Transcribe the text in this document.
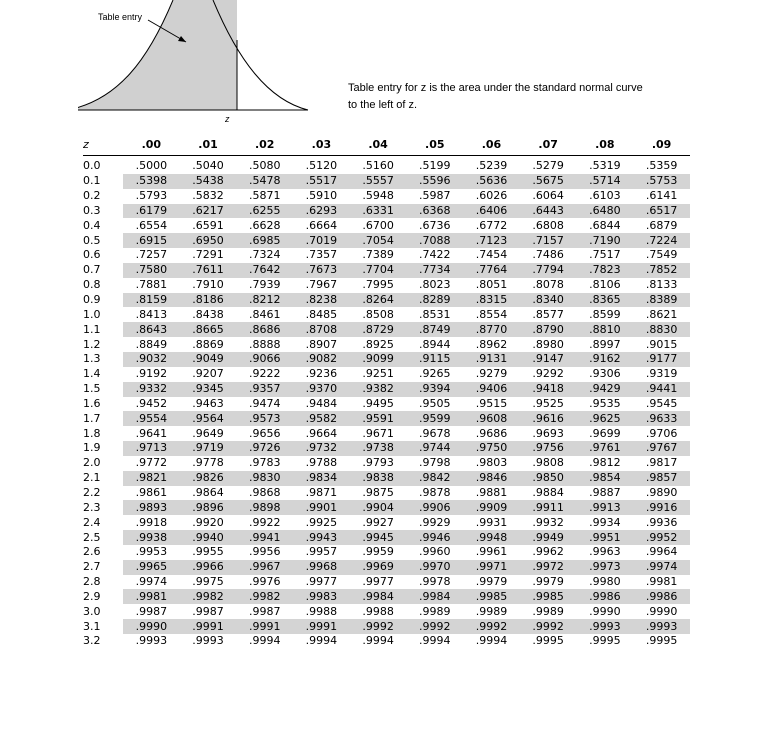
Table entry
z
Table entry for z is the area under the standard normal curve
to the left of z.
z	.00	.01	.02	.03	.04	.05	.06	.07	.08	.09
0.0	.5000	.5040	.5080	.5120	.5160	.5199	.5239	.5279	.5319	.5359
0.1	.5398	.5438	.5478	.5517	.5557	.5596	.5636	.5675	.5714	.5753
0.2	.5793	.5832	.5871	.5910	.5948	.5987	.6026	.6064	.6103	.6141
0.3	.6179	.6217	.6255	.6293	.6331	.6368	.6406	.6443	.6480	.6517
0.4	.6554	.6591	.6628	.6664	.6700	.6736	.6772	.6808	.6844	.6879
0.5	.6915	.6950	.6985	.7019	.7054	.7088	.7123	.7157	.7190	.7224
0.6	.7257	.7291	.7324	.7357	.7389	.7422	.7454	.7486	.7517	.7549
0.7	.7580	.7611	.7642	.7673	.7704	.7734	.7764	.7794	.7823	.7852
0.8	.7881	.7910	.7939	.7967	.7995	.8023	.8051	.8078	.8106	.8133
0.9	.8159	.8186	.8212	.8238	.8264	.8289	.8315	.8340	.8365	.8389
1.0	.8413	.8438	.8461	.8485	.8508	.8531	.8554	.8577	.8599	.8621
1.1	.8643	.8665	.8686	.8708	.8729	.8749	.8770	.8790	.8810	.8830
1.2	.8849	.8869	.8888	.8907	.8925	.8944	.8962	.8980	.8997	.9015
1.3	.9032	.9049	.9066	.9082	.9099	.9115	.9131	.9147	.9162	.9177
1.4	.9192	.9207	.9222	.9236	.9251	.9265	.9279	.9292	.9306	.9319
1.5	.9332	.9345	.9357	.9370	.9382	.9394	.9406	.9418	.9429	.9441
1.6	.9452	.9463	.9474	.9484	.9495	.9505	.9515	.9525	.9535	.9545
1.7	.9554	.9564	.9573	.9582	.9591	.9599	.9608	.9616	.9625	.9633
1.8	.9641	.9649	.9656	.9664	.9671	.9678	.9686	.9693	.9699	.9706
1.9	.9713	.9719	.9726	.9732	.9738	.9744	.9750	.9756	.9761	.9767
2.0	.9772	.9778	.9783	.9788	.9793	.9798	.9803	.9808	.9812	.9817
2.1	.9821	.9826	.9830	.9834	.9838	.9842	.9846	.9850	.9854	.9857
2.2	.9861	.9864	.9868	.9871	.9875	.9878	.9881	.9884	.9887	.9890
2.3	.9893	.9896	.9898	.9901	.9904	.9906	.9909	.9911	.9913	.9916
2.4	.9918	.9920	.9922	.9925	.9927	.9929	.9931	.9932	.9934	.9936
2.5	.9938	.9940	.9941	.9943	.9945	.9946	.9948	.9949	.9951	.9952
2.6	.9953	.9955	.9956	.9957	.9959	.9960	.9961	.9962	.9963	.9964
2.7	.9965	.9966	.9967	.9968	.9969	.9970	.9971	.9972	.9973	.9974
2.8	.9974	.9975	.9976	.9977	.9977	.9978	.9979	.9979	.9980	.9981
2.9	.9981	.9982	.9982	.9983	.9984	.9984	.9985	.9985	.9986	.9986
3.0	.9987	.9987	.9987	.9988	.9988	.9989	.9989	.9989	.9990	.9990
3.1	.9990	.9991	.9991	.9991	.9992	.9992	.9992	.9992	.9993	.9993
3.2	.9993	.9993	.9994	.9994	.9994	.9994	.9994	.9995	.9995	.9995
